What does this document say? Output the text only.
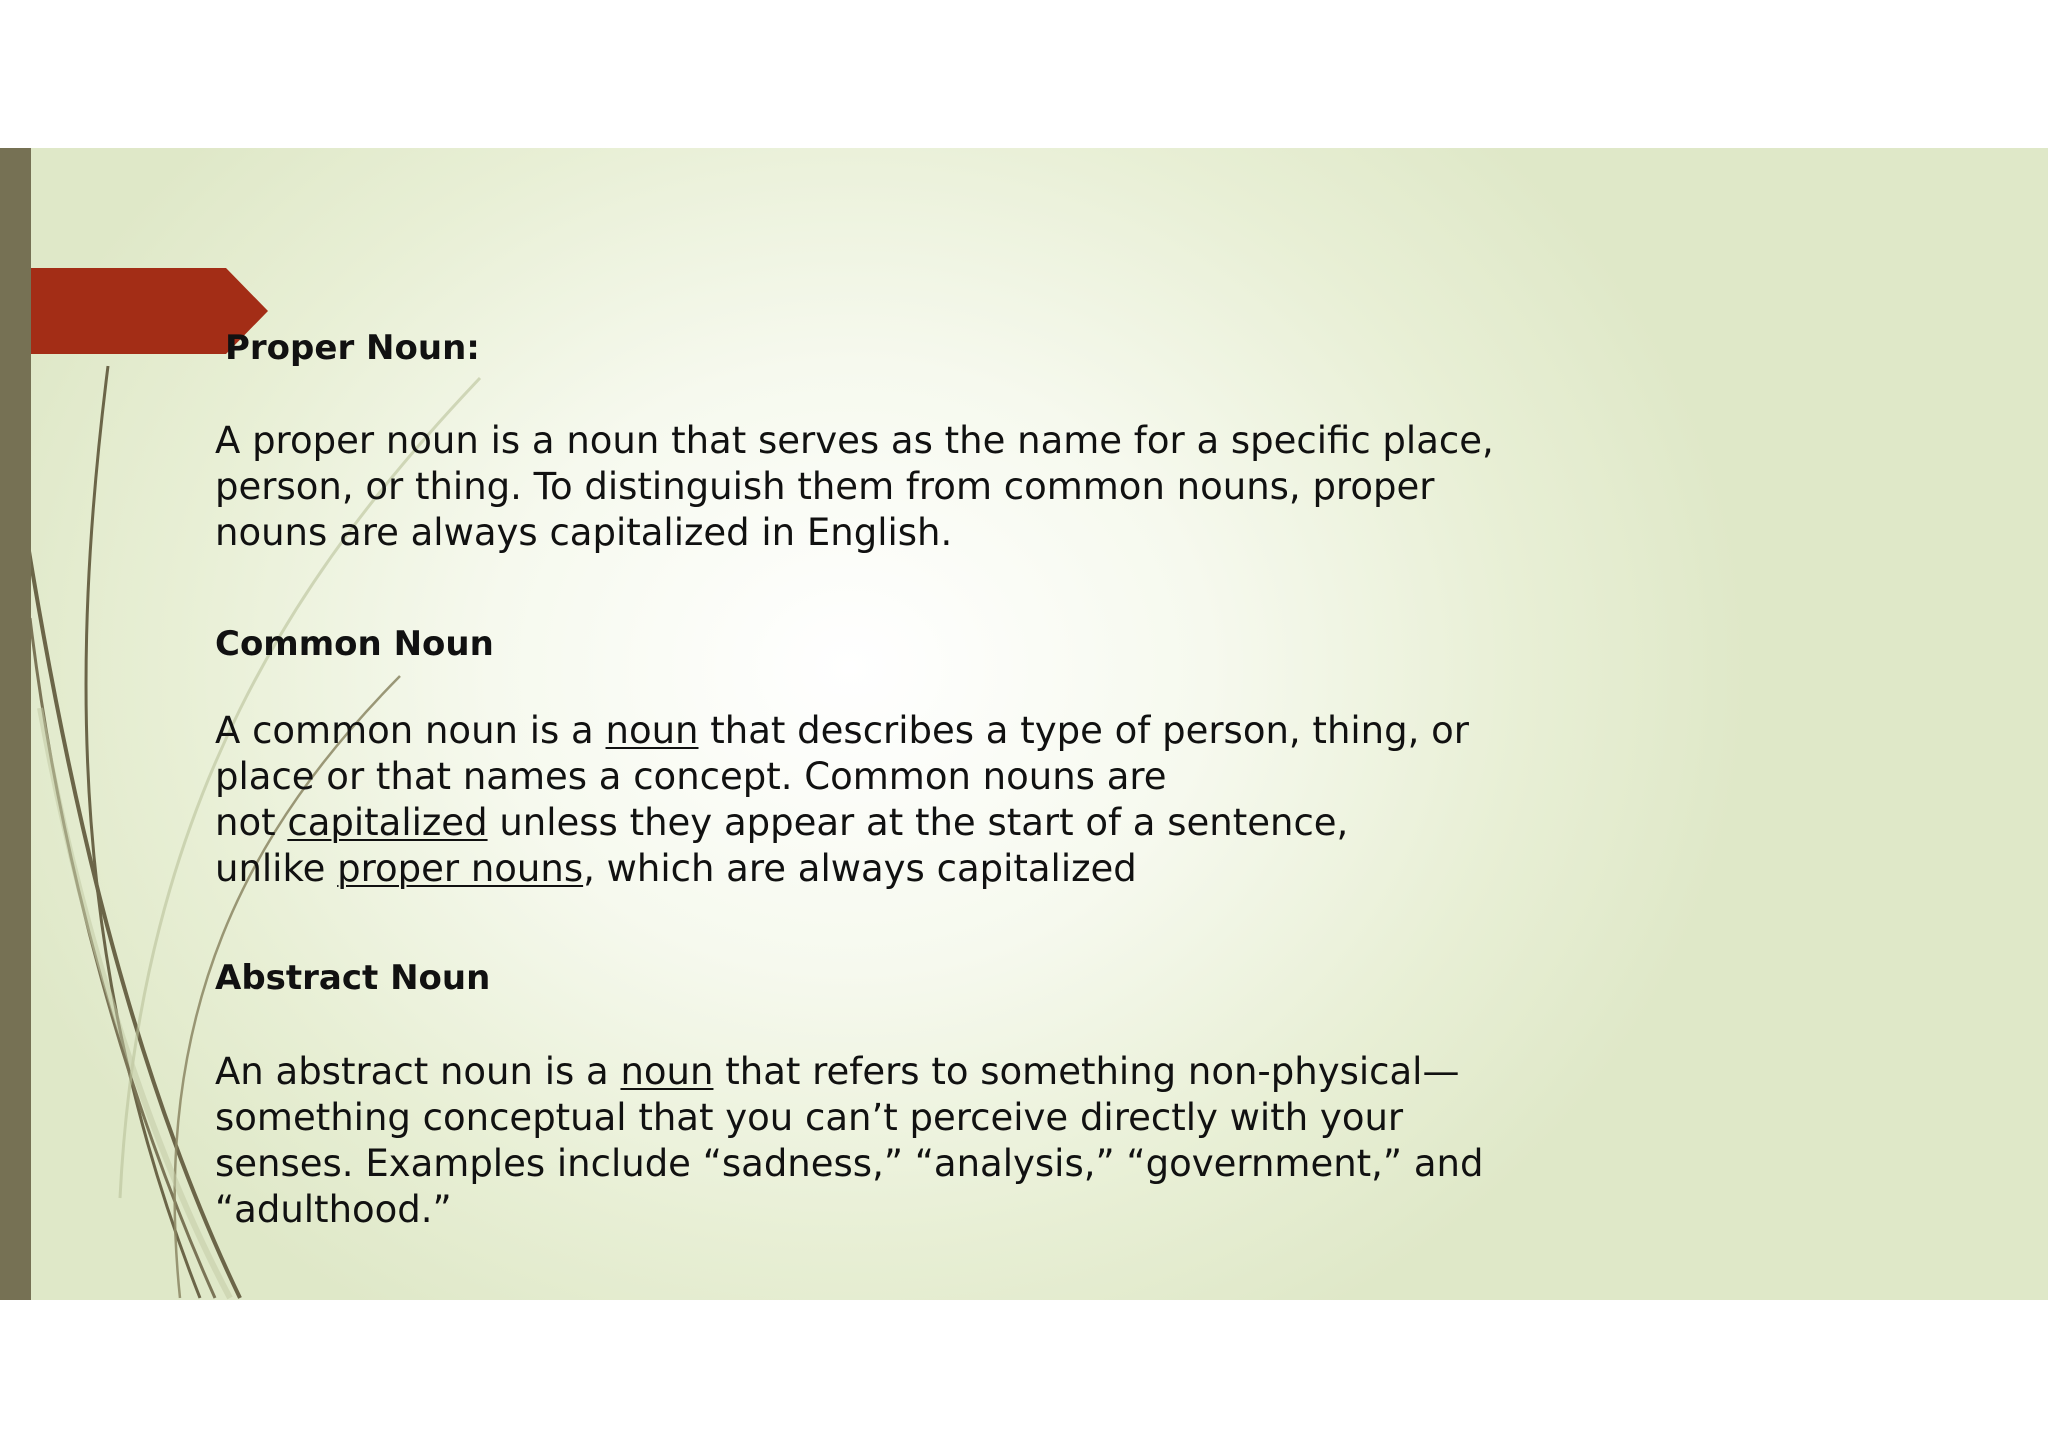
Proper Noun:

A proper noun is a noun that serves as the name for a specific place,
person, or thing. To distinguish them from common nouns, proper
nouns are always capitalized in English.

Common Noun

A common noun is a noun that describes a type of person, thing, or
place or that names a concept. Common nouns are
not capitalized unless they appear at the start of a sentence,
unlike proper nouns, which are always capitalized

Abstract Noun

An abstract noun is a noun that refers to something non-physical—
something conceptual that you can’t perceive directly with your
senses. Examples include “sadness,” “analysis,” “government,” and
“adulthood.”
